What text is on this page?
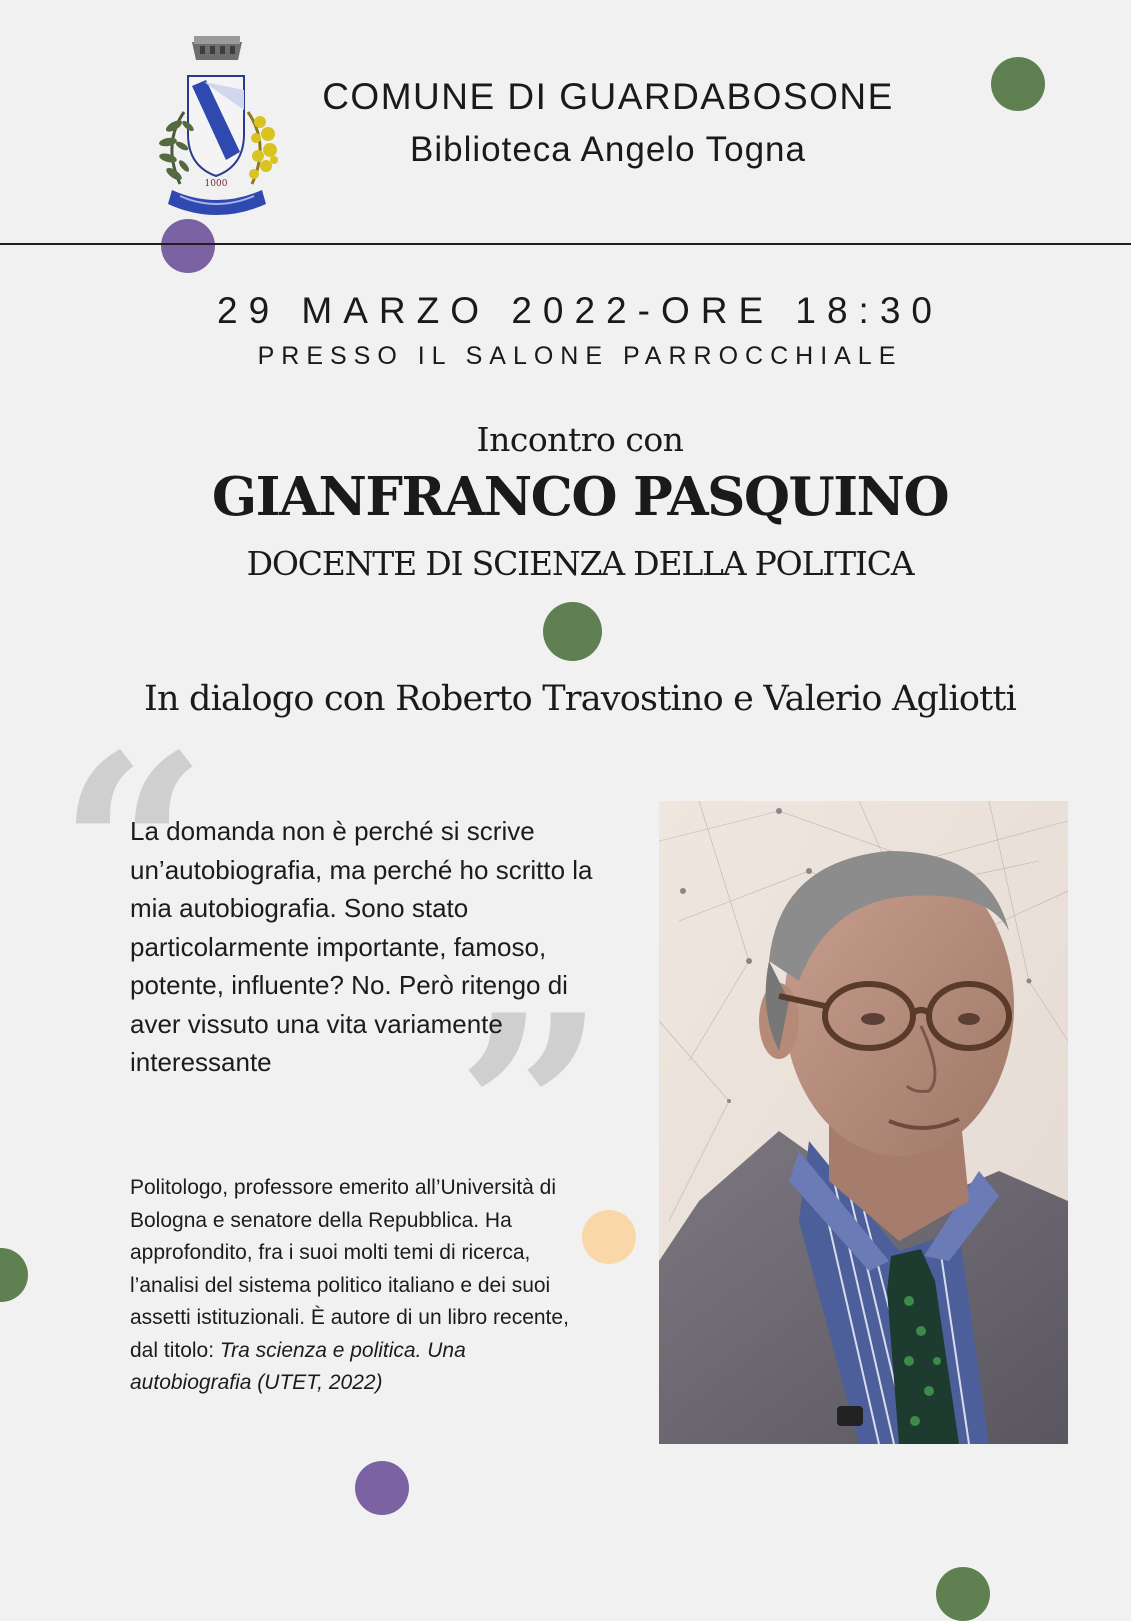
1000
COMUNE DI GUARDABOSONE
Biblioteca Angelo Togna
29 MARZO 2022-ORE 18:30
PRESSO IL SALONE PARROCCHIALE
Incontro con
GIANFRANCO PASQUINO
DOCENTE DI SCIENZA DELLA POLITICA
In dialogo con Roberto Travostino e Valerio Agliotti
“
”
La domanda non è perché si scrive un’autobiografia, ma perché ho scritto la mia autobiografia. Sono stato particolarmente importante, famoso, potente, influente? No. Però ritengo di aver vissuto una vita variamente interessante
Politologo, professore emerito all’Università di Bologna e senatore della Repubblica. Ha approfondito, fra i suoi molti temi di ricerca, l’analisi del sistema politico italiano e dei suoi assetti istituzionali. È autore di un libro recente, dal titolo: Tra scienza e politica. Una autobiografia (UTET, 2022)
